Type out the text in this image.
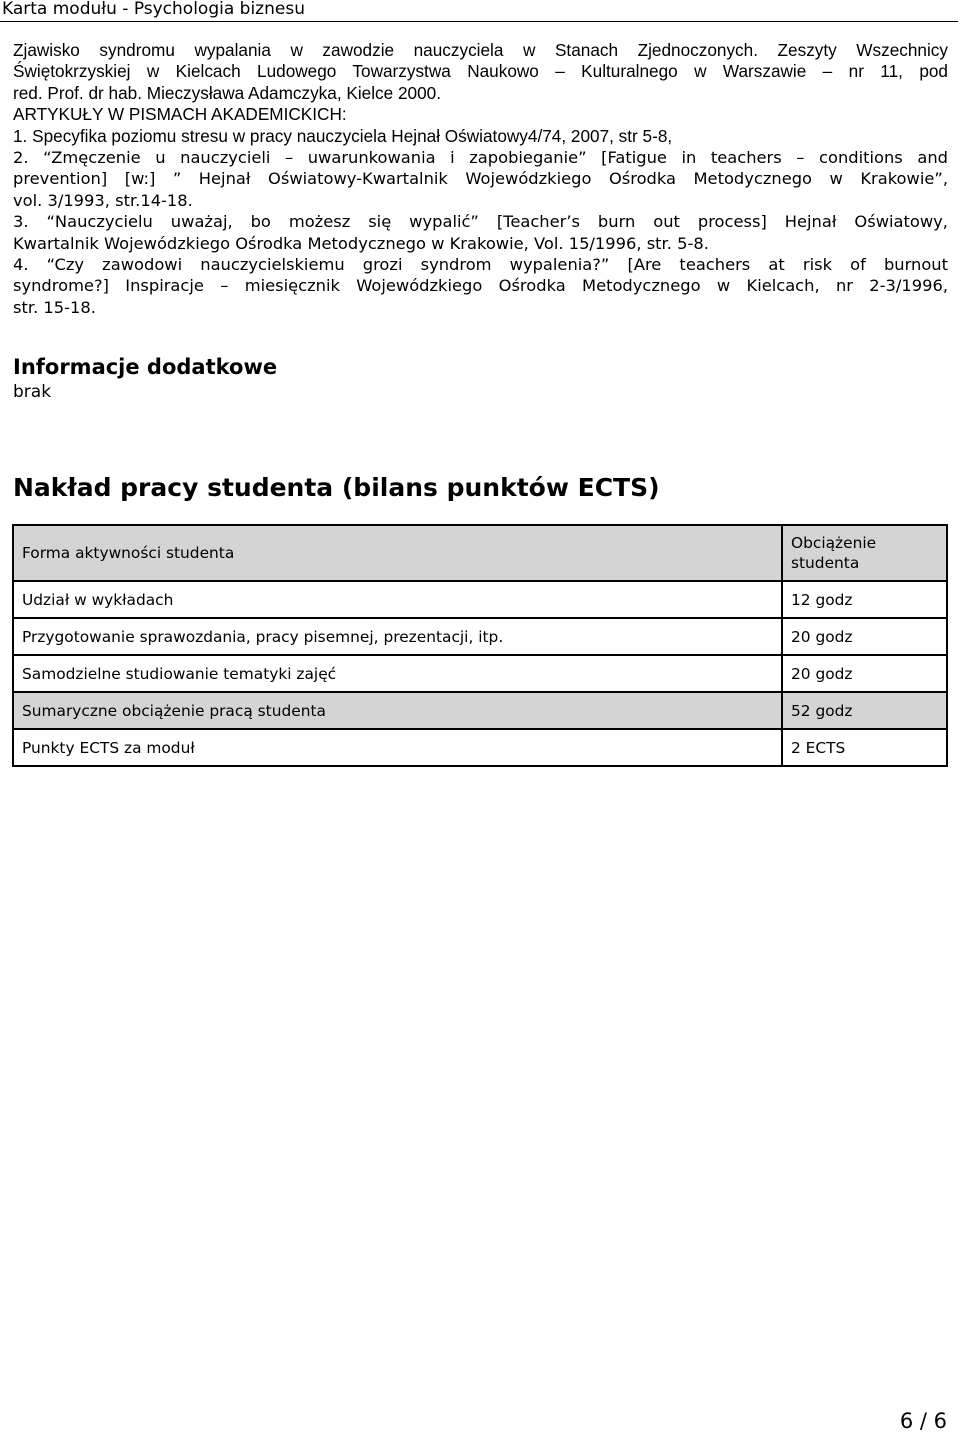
Karta modułu - Psychologia biznesu
Zjawisko syndromu wypalania w zawodzie nauczyciela w Stanach Zjednoczonych. Zeszyty Wszechnicy
Świętokrzyskiej w Kielcach Ludowego Towarzystwa Naukowo – Kulturalnego w Warszawie – nr 11, pod
red. Prof. dr hab. Mieczysława Adamczyka, Kielce 2000.
ARTYKUŁY W PISMACH AKADEMICKICH:
1. Specyfika poziomu stresu w pracy nauczyciela Hejnał Oświatowy4/74, 2007, str 5-8,
2. “Zmęczenie u nauczycieli – uwarunkowania i zapobieganie” [Fatigue in teachers – conditions and
prevention] [w:] ” Hejnał Oświatowy-Kwartalnik Wojewódzkiego Ośrodka Metodycznego w Krakowie”,
vol. 3/1993, str.14-18.
3. “Nauczycielu uważaj, bo możesz się wypalić” [Teacher’s burn out process] Hejnał Oświatowy,
Kwartalnik Wojewódzkiego Ośrodka Metodycznego w Krakowie, Vol. 15/1996, str. 5-8.
4. “Czy zawodowi nauczycielskiemu grozi syndrom wypalenia?” [Are teachers at risk of burnout
syndrome?] Inspiracje – miesięcznik Wojewódzkiego Ośrodka Metodycznego w Kielcach, nr 2-3/1996,
str. 15-18.
Informacje dodatkowe
brak
Nakład pracy studenta (bilans punktów ECTS)
Forma aktywności studenta	Obciążenie
studenta
Udział w wykładach	12 godz
Przygotowanie sprawozdania, pracy pisemnej, prezentacji, itp.	20 godz
Samodzielne studiowanie tematyki zajęć	20 godz
Sumaryczne obciążenie pracą studenta	52 godz
Punkty ECTS za moduł	2 ECTS
6 / 6
